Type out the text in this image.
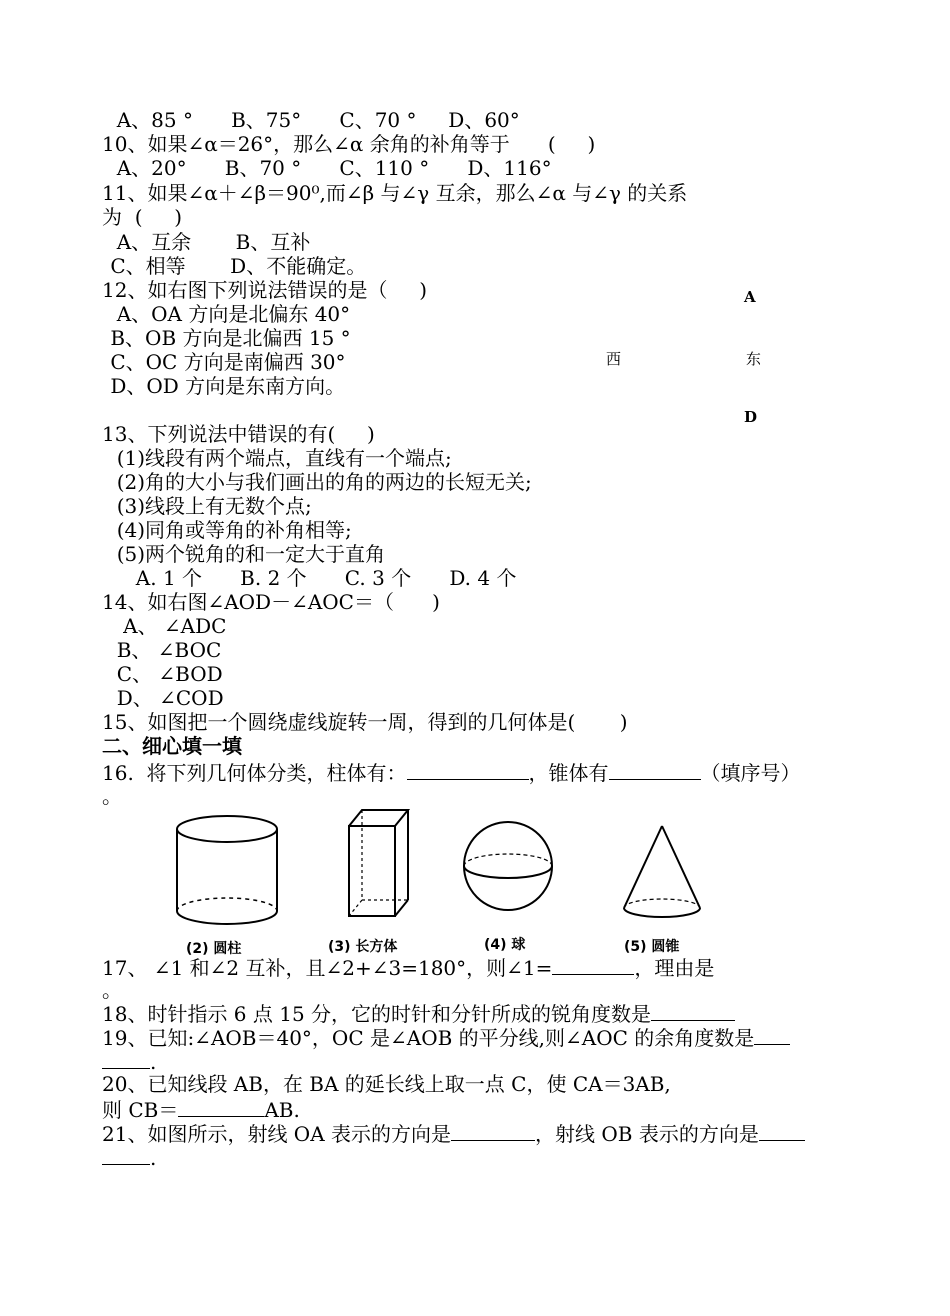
A、85 °      B、75°      C、70 °     D、60°
10、如果∠α＝26°，那么∠α 余角的补角等于      (     )
A、20°      B、70 °      C、110 °      D、116°
11、如果∠α＋∠β＝90⁰,而∠β 与∠γ 互余，那么∠α 与∠γ 的关系
为  (     )
A、互余       B、互补
C、相等       D、不能确定。
12、如右图下列说法错误的是（     )
A、OA 方向是北偏东 40°
B、OB 方向是北偏西 15 °
C、OC 方向是南偏西 30°
D、OD 方向是东南方向。
A
西	东
D
13、下列说法中错误的有(     )
(1)线段有两个端点，直线有一个端点;
(2)角的大小与我们画出的角的两边的长短无关;
(3)线段上有无数个点;
(4)同角或等角的补角相等;
(5)两个锐角的和一定大于直角
A. 1 个      B. 2 个      C. 3 个      D. 4 个
14、如右图∠AOD－∠AOC＝（      )
A、 ∠ADC
B、 ∠BOC
C、 ∠BOD
D、 ∠COD
15、如图把一个圆绕虚线旋转一周，得到的几何体是(       )
二、细心填一填
16.  将下列几何体分类，柱体有：	，锥体有	（填序号）
。
(2) 圆柱	(3) 长方体	(4) 球	(5) 圆锥
17、 ∠1 和∠2 互补，且∠2+∠3=180°，则∠1=	，理由是
。
18、时针指示 6 点 15 分，它的时针和分针所成的锐角度数是
19、已知:∠AOB＝40°，OC 是∠AOB 的平分线,则∠AOC 的余角度数是
.
20、已知线段 AB，在 BA 的延长线上取一点 C，使 CA＝3AB,
则 CB＝	AB.
21、如图所示，射线 OA 表示的方向是	，射线 OB 表示的方向是
.
